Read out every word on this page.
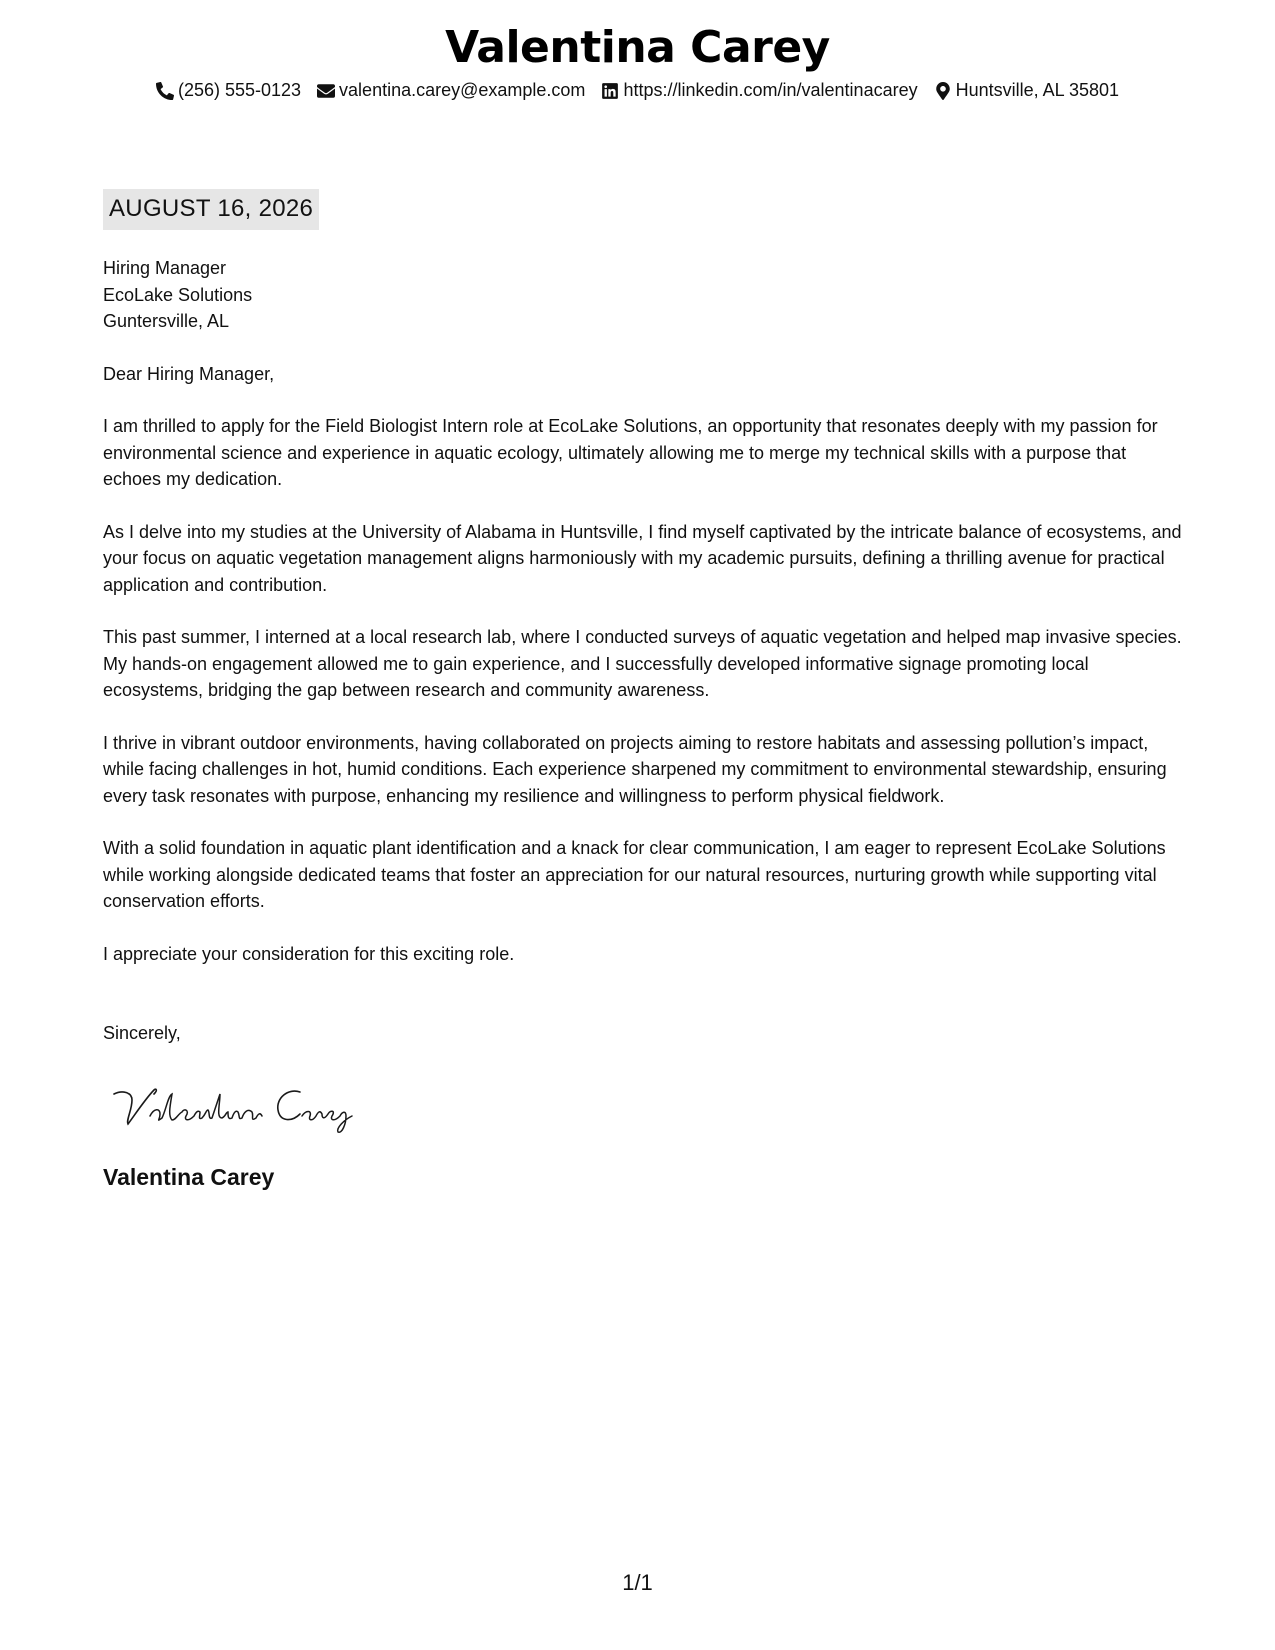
Valentina Carey
(256) 555-0123 valentina.carey@example.com https://linkedin.com/in/valentinacarey Huntsville, AL 35801
AUGUST 16, 2026
Hiring Manager
EcoLake Solutions
Guntersville, AL

Dear Hiring Manager,

I am thrilled to apply for the Field Biologist Intern role at EcoLake Solutions, an opportunity that resonates deeply with my passion for environmental science and experience in aquatic ecology, ultimately allowing me to merge my technical skills with a purpose that echoes my dedication.

As I delve into my studies at the University of Alabama in Huntsville, I find myself captivated by the intricate balance of ecosystems, and your focus on aquatic vegetation management aligns harmoniously with my academic pursuits, defining a thrilling avenue for practical application and contribution.

This past summer, I interned at a local research lab, where I conducted surveys of aquatic vegetation and helped map invasive species. My hands-on engagement allowed me to gain experience, and I successfully developed informative signage promoting local ecosystems, bridging the gap between research and community awareness.

I thrive in vibrant outdoor environments, having collaborated on projects aiming to restore habitats and assessing pollution’s impact, while facing challenges in hot, humid conditions. Each experience sharpened my commitment to environmental stewardship, ensuring every task resonates with purpose, enhancing my resilience and willingness to perform physical fieldwork.

With a solid foundation in aquatic plant identification and a knack for clear communication, I am eager to represent EcoLake Solutions while working alongside dedicated teams that foster an appreciation for our natural resources, nurturing growth while supporting vital conservation efforts.

I appreciate your consideration for this exciting role.

Sincerely,
Valentina Carey
1/1
